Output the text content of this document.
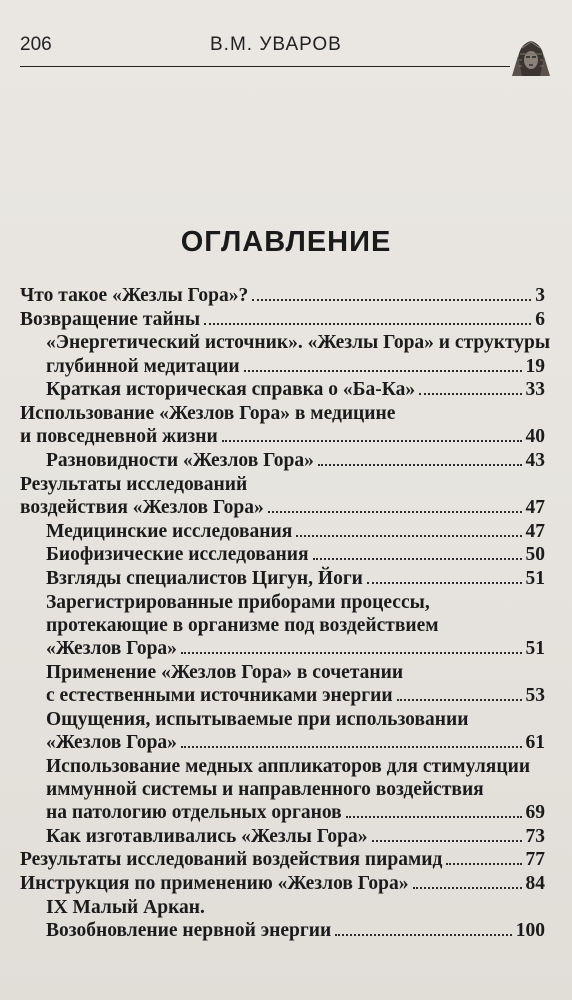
206	В.М. УВАРОВ
ОГЛАВЛЕНИЕ
Что такое «Жезлы Гора»?	3
Возвращение тайны	6
«Энергетический источник». «Жезлы Гора» и структуры
глубинной медитации	19
Краткая историческая справка о «Ба-Ка»	33
Использование «Жезлов Гора» в медицине
и повседневной жизни	40
Разновидности «Жезлов Гора»	43
Результаты исследований
воздействия «Жезлов Гора»	47
Медицинские исследования	47
Биофизические исследования	50
Взгляды специалистов Цигун, Йоги	51
Зарегистрированные приборами процессы,
протекающие в организме под воздействием
«Жезлов Гора»	51
Применение «Жезлов Гора» в сочетании
с естественными источниками энергии	53
Ощущения, испытываемые при использовании
«Жезлов Гора»	61
Использование медных аппликаторов для стимуляции
иммунной системы и направленного воздействия
на патологию отдельных органов	69
Как изготавливались «Жезлы Гора»	73
Результаты исследований воздействия пирамид	77
Инструкция по применению «Жезлов Гора»	84
IX Малый Аркан.
Возобновление нервной энергии	100
